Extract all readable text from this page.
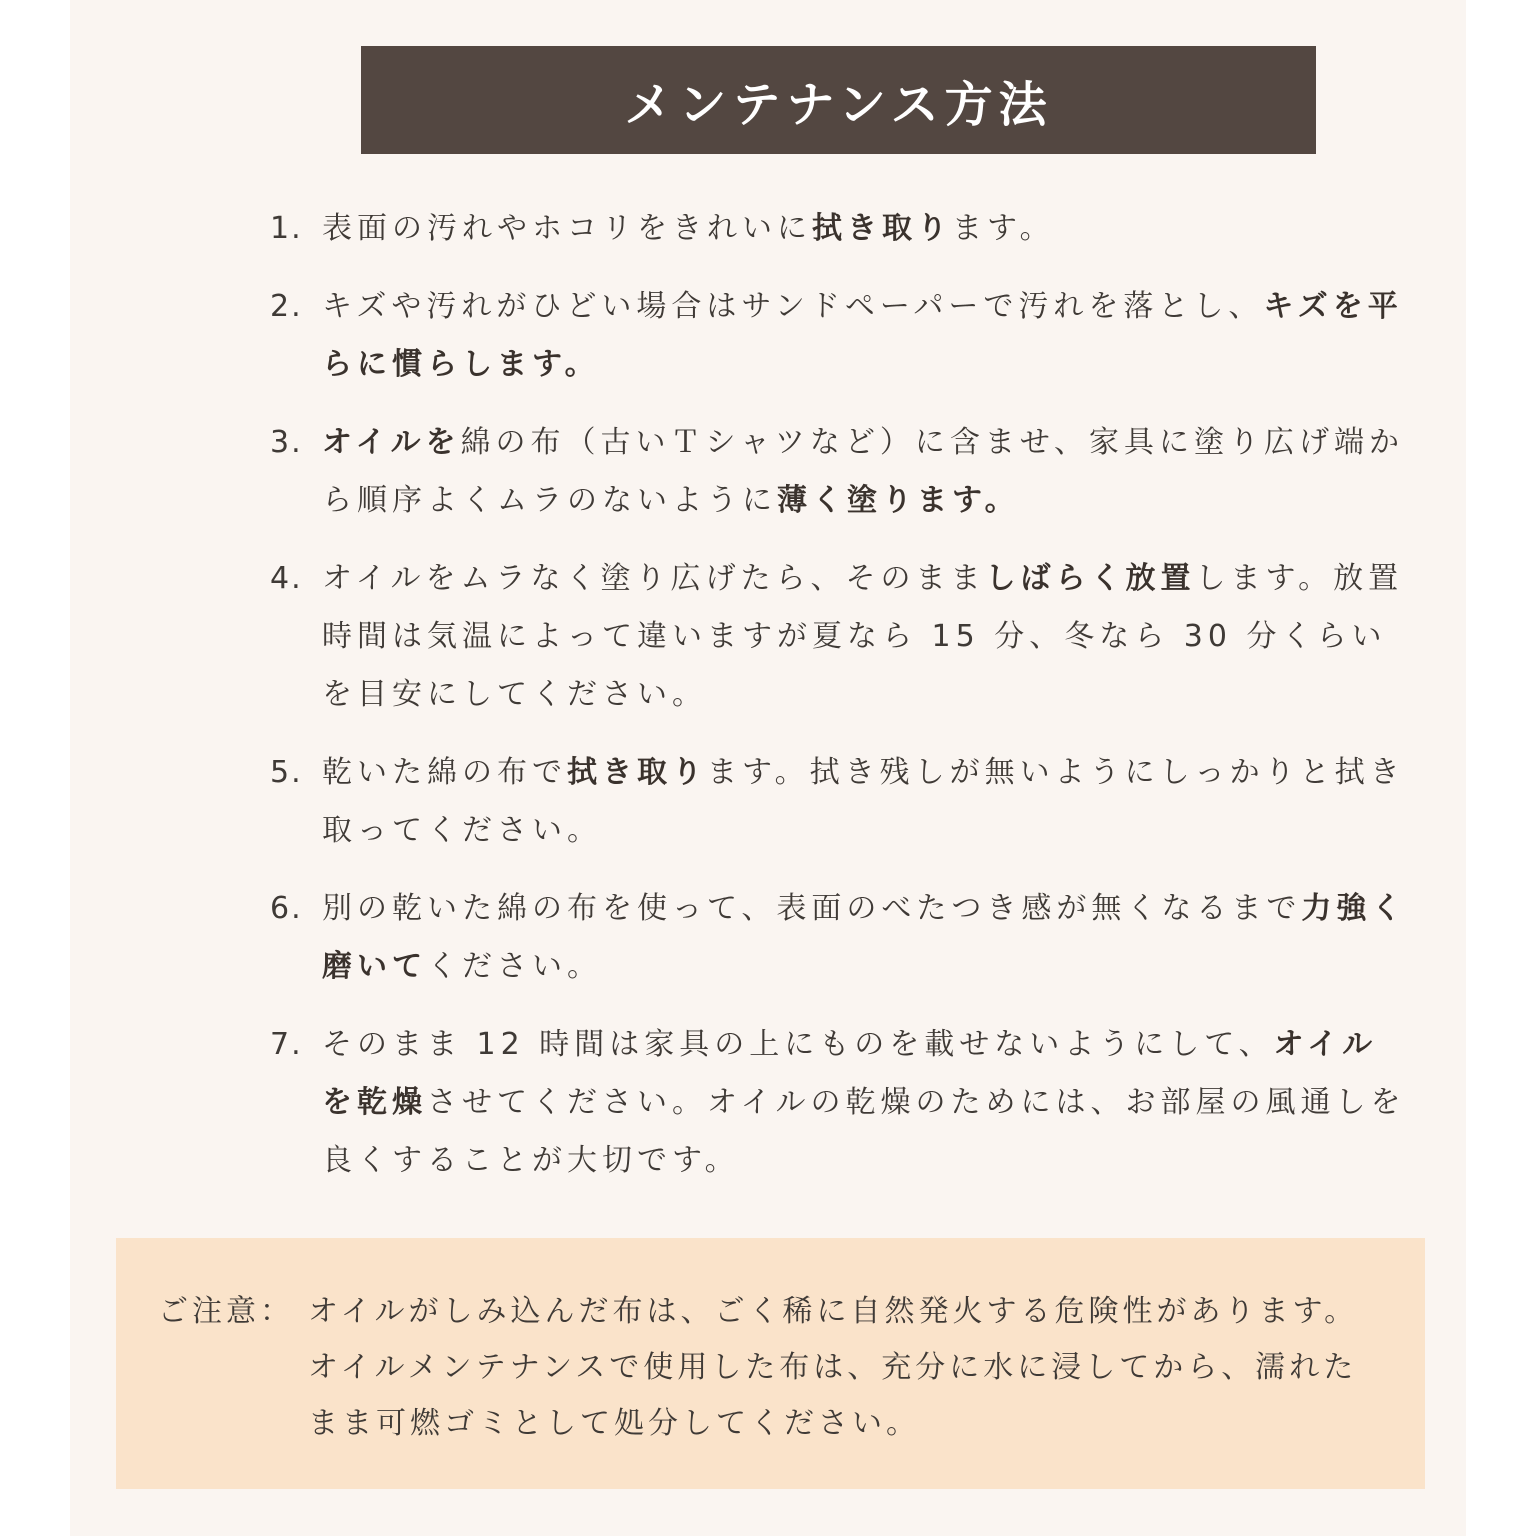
メンテナンス方法
1. 表面の汚れやホコリをきれいに拭き取ります。

2. キズや汚れがひどい場合はサンドペーパーで汚れを落とし、キズを平らに慣らします。

3. オイルを綿の布（古いＴシャツなど）に含ませ、家具に塗り広げ端から順序よくムラのないように薄く塗ります。

4. オイルをムラなく塗り広げたら、そのまましばらく放置します。放置時間は気温によって違いますが夏なら 15 分、冬なら 30 分くらいを目安にしてください。

5. 乾いた綿の布で拭き取ります。拭き残しが無いようにしっかりと拭き取ってください。

6. 別の乾いた綿の布を使って、表面のべたつき感が無くなるまで力強く磨いてください。

7. そのまま 12 時間は家具の上にものを載せないようにして、オイルを乾燥させてください。オイルの乾燥のためには、お部屋の風通しを良くすることが大切です。

ご注意： オイルがしみ込んだ布は、ごく稀に自然発火する危険性があります。オイルメンテナンスで使用した布は、充分に水に浸してから、濡れたまま可燃ゴミとして処分してください。
